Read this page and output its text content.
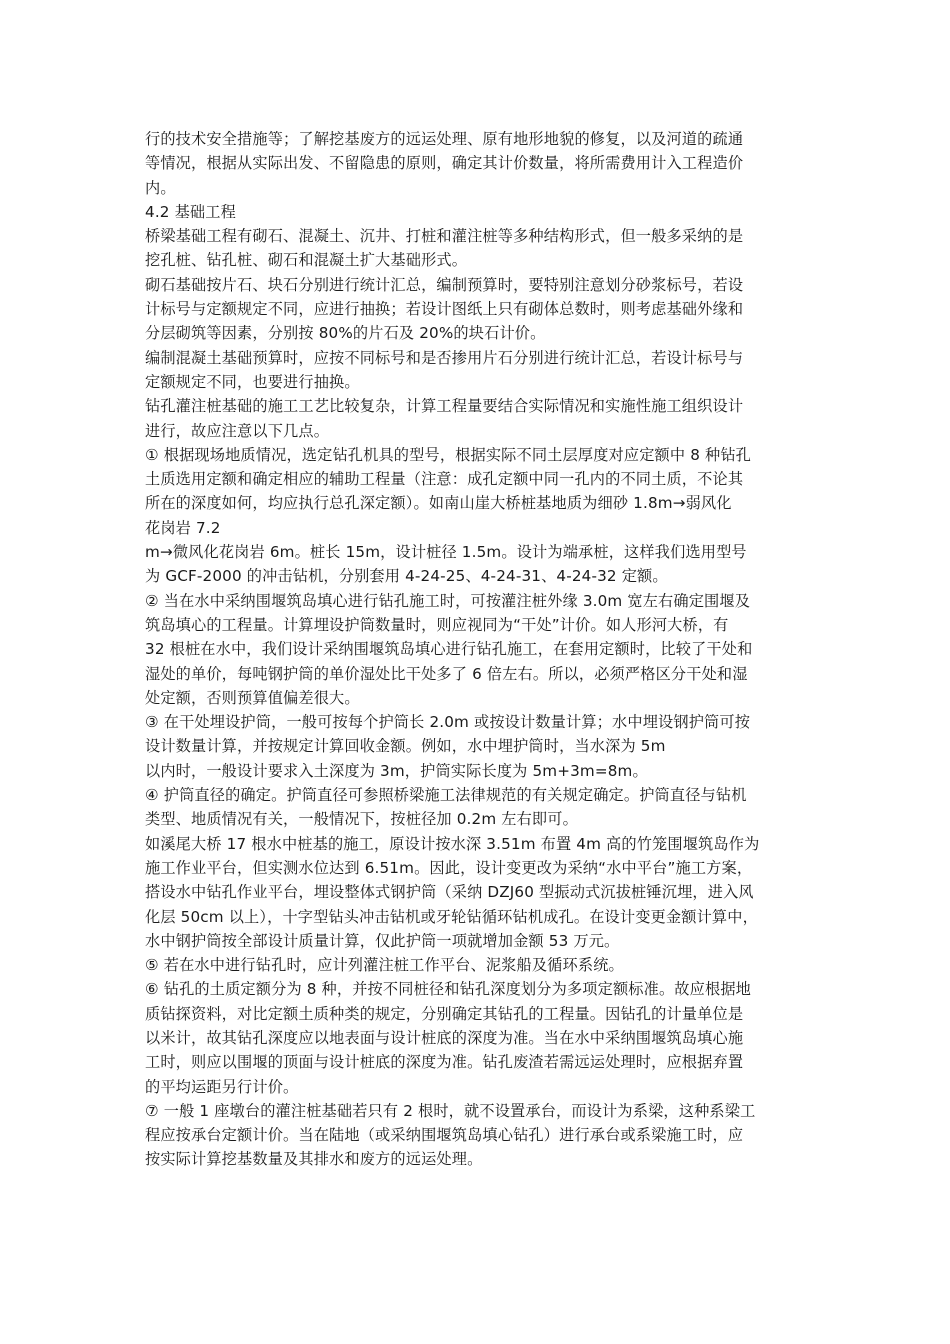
行的技术安全措施等；了解挖基废方的远运处理、原有地形地貌的修复，以及河道的疏通

等情况，根据从实际出发、不留隐患的原则，确定其计价数量，将所需费用计入工程造价

内。

4.2 基础工程

桥梁基础工程有砌石、混凝土、沉井、打桩和灌注桩等多种结构形式，但一般多采纳的是

挖孔桩、钻孔桩、砌石和混凝土扩大基础形式。

砌石基础按片石、块石分别进行统计汇总，编制预算时，要特别注意划分砂浆标号，若设

计标号与定额规定不同，应进行抽换；若设计图纸上只有砌体总数时，则考虑基础外缘和

分层砌筑等因素，分别按 80%的片石及 20%的块石计价。

编制混凝土基础预算时，应按不同标号和是否掺用片石分别进行统计汇总，若设计标号与

定额规定不同，也要进行抽换。

钻孔灌注桩基础的施工工艺比较复杂，计算工程量要结合实际情况和实施性施工组织设计

进行，故应注意以下几点。

① 根据现场地质情况，选定钻孔机具的型号，根据实际不同土层厚度对应定额中 8 种钻孔

土质选用定额和确定相应的辅助工程量（注意：成孔定额中同一孔内的不同土质，不论其

所在的深度如何，均应执行总孔深定额）。如南山崖大桥桩基地质为细砂 1.8m→弱风化

花岗岩 7.2

m→微风化花岗岩 6m。桩长 15m，设计桩径 1.5m。设计为端承桩，这样我们选用型号

为 GCF-2000 的冲击钻机，分别套用 4-24-25、4-24-31、4-24-32 定额。

② 当在水中采纳围堰筑岛填心进行钻孔施工时，可按灌注桩外缘 3.0m 宽左右确定围堰及

筑岛填心的工程量。计算埋设护筒数量时，则应视同为“干处”计价。如人形河大桥，有

32 根桩在水中，我们设计采纳围堰筑岛填心进行钻孔施工，在套用定额时，比较了干处和

湿处的单价，每吨钢护筒的单价湿处比干处多了 6 倍左右。所以，必须严格区分干处和湿

处定额，否则预算值偏差很大。

③ 在干处埋设护筒，一般可按每个护筒长 2.0m 或按设计数量计算；水中埋设钢护筒可按

设计数量计算，并按规定计算回收金额。例如，水中埋护筒时，当水深为 5m

以内时，一般设计要求入土深度为 3m，护筒实际长度为 5m+3m=8m。

④ 护筒直径的确定。护筒直径可参照桥梁施工法律规范的有关规定确定。护筒直径与钻机

类型、地质情况有关，一般情况下，按桩径加 0.2m 左右即可。

如溪尾大桥 17 根水中桩基的施工，原设计按水深 3.51m 布置 4m 高的竹笼围堰筑岛作为

施工作业平台，但实测水位达到 6.51m。因此，设计变更改为采纳“水中平台”施工方案，

搭设水中钻孔作业平台，埋设整体式钢护筒（采纳 DZJ60 型振动式沉拔桩锤沉埋，进入风

化层 50cm 以上），十字型钻头冲击钻机或牙轮钻循环钻机成孔。在设计变更金额计算中，

水中钢护筒按全部设计质量计算，仅此护筒一项就增加金额 53 万元。

⑤ 若在水中进行钻孔时，应计列灌注桩工作平台、泥浆船及循环系统。

⑥ 钻孔的土质定额分为 8 种，并按不同桩径和钻孔深度划分为多项定额标准。故应根据地

质钻探资料，对比定额土质种类的规定，分别确定其钻孔的工程量。因钻孔的计量单位是

以米计，故其钻孔深度应以地表面与设计桩底的深度为准。当在水中采纳围堰筑岛填心施

工时，则应以围堰的顶面与设计桩底的深度为准。钻孔废渣若需远运处理时，应根据弃置

的平均运距另行计价。

⑦ 一般 1 座墩台的灌注桩基础若只有 2 根时，就不设置承台，而设计为系梁，这种系梁工

程应按承台定额计价。当在陆地（或采纳围堰筑岛填心钻孔）进行承台或系梁施工时，应

按实际计算挖基数量及其排水和废方的远运处理。
